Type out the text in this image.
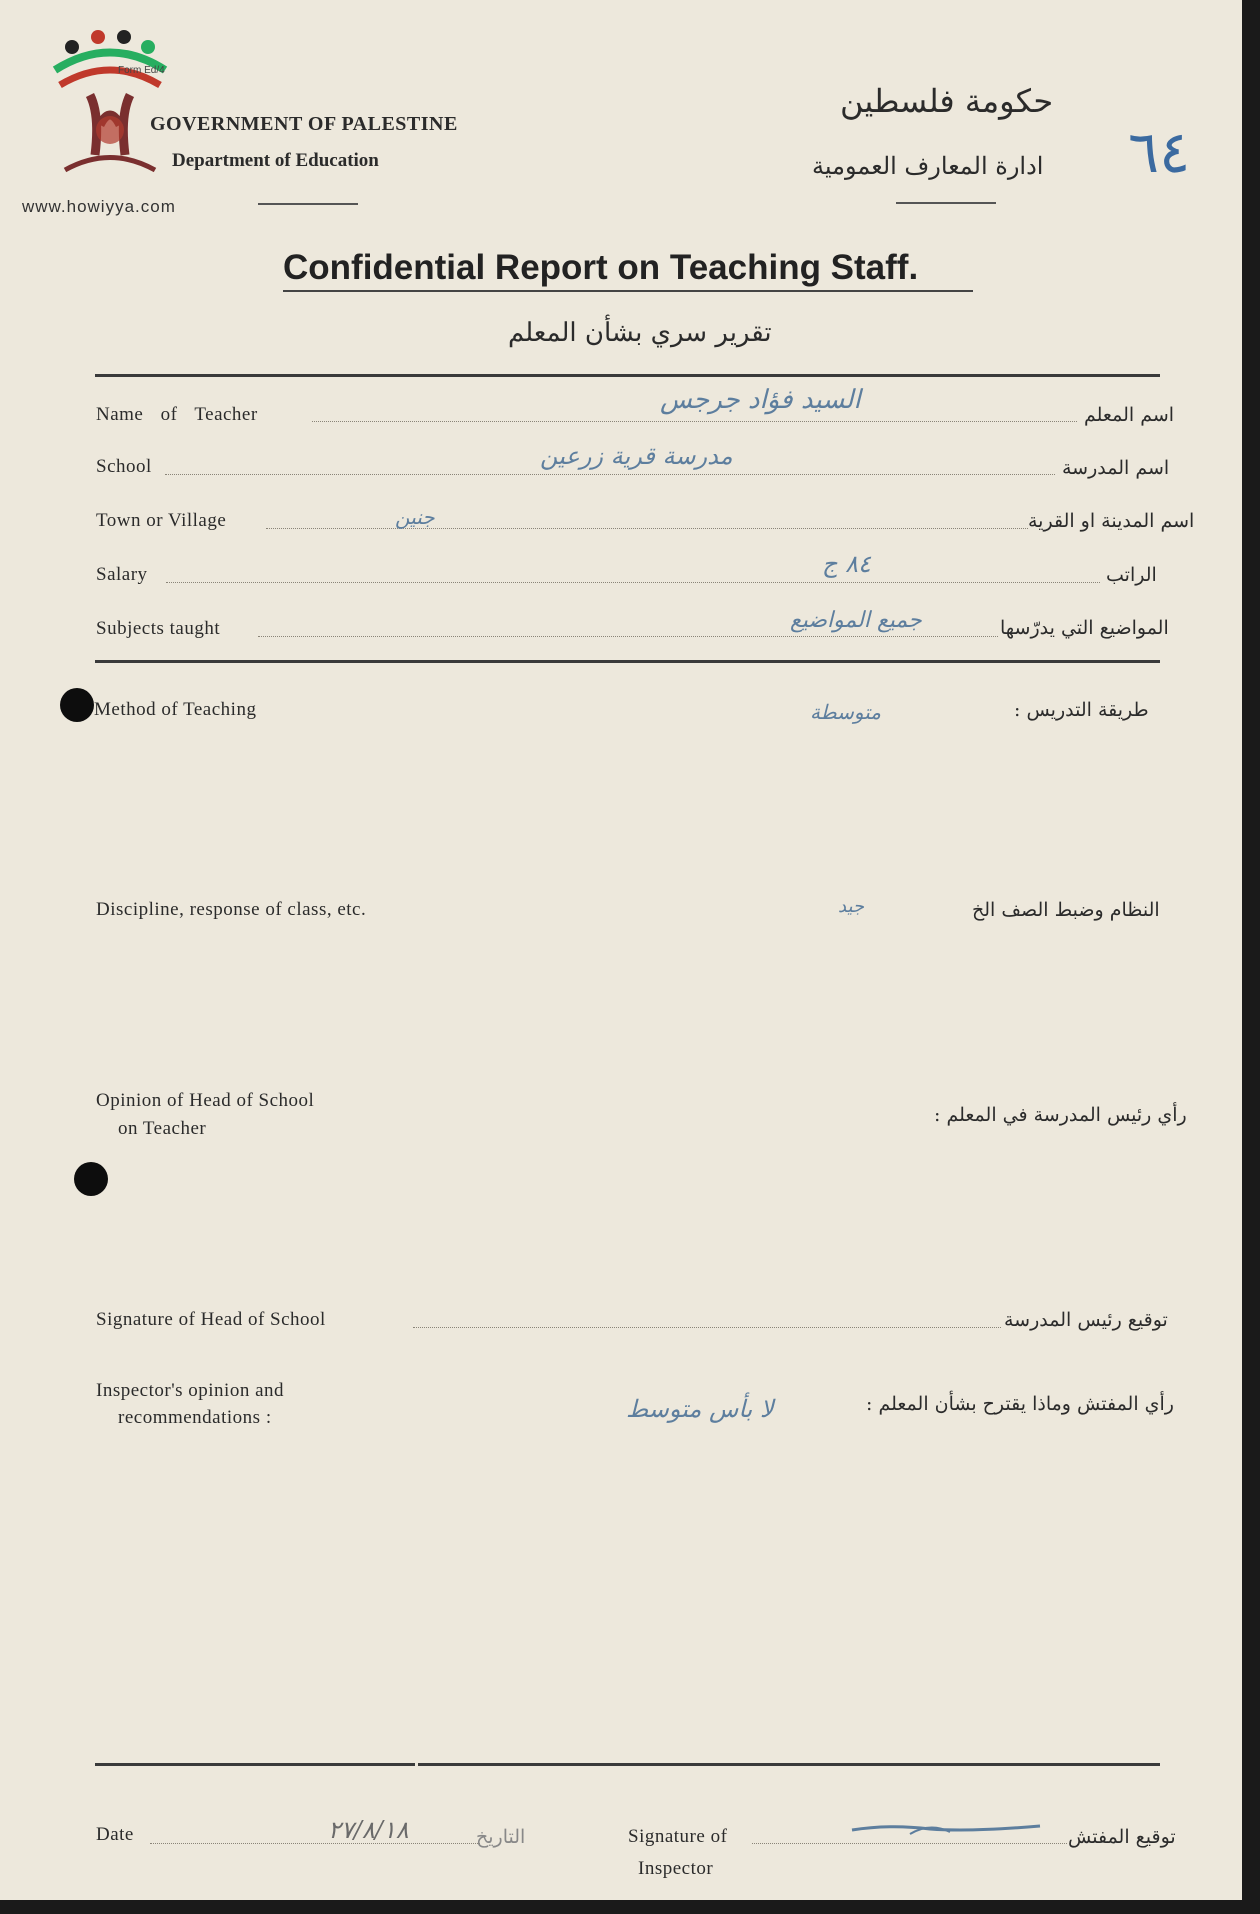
Form Ed/4
www.howiyya.com
GOVERNMENT OF PALESTINE
Department of Education
حكومة فلسطين
ادارة المعارف العمومية ٦٤
Confidential Report on Teaching Staff.
تقرير سري بشأن المعلم
Name of Teacher	السيد فؤاد جرجس	اسم المعلم
School	مدرسة قرية زرعين	اسم المدرسة
Town or Village	جنين	اسم المدينة او القرية
Salary	٨٤ ج	الراتب
Subjects taught	جميع المواضيع	المواضيع التي يدرّسها
Method of Teaching	متوسطة	طريقة التدريس :
Discipline, response of class, etc.	جيد	النظام وضبط الصف الخ
Opinion of Head of School
on Teacher
رأي رئيس المدرسة في المعلم :
Signature of Head of School	توقيع رئيس المدرسة
Inspector's opinion and
recommendations :	لا بأس متوسط	رأي المفتش وماذا يقترح بشأن المعلم :
Date	٢٧/٨/١٨	التاريخ	Signature of
Inspector
توقيع المفتش
